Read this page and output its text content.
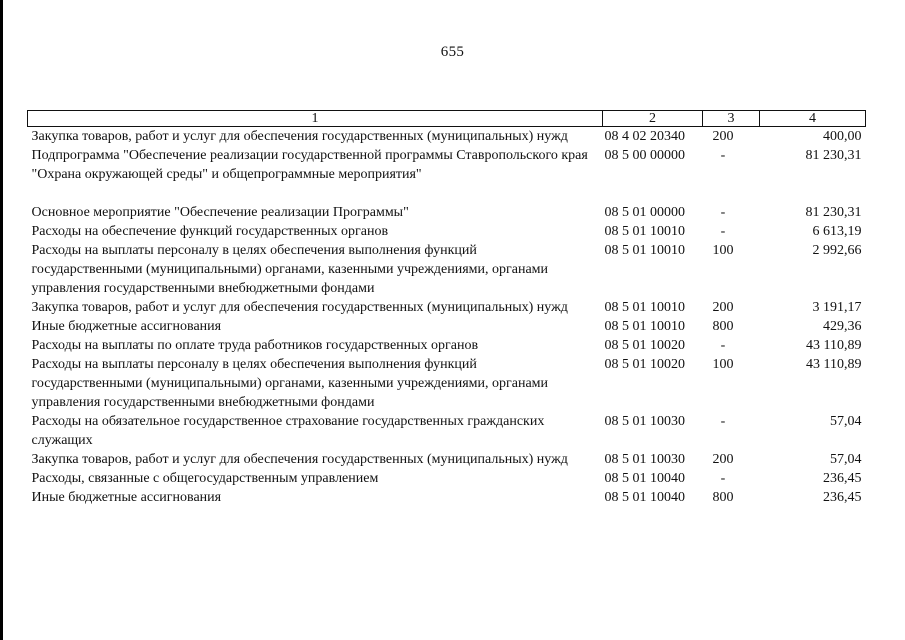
655
1	2	3	4
Закупка товаров, работ и услуг для обеспечения государственных (муниципальных) нужд	08 4 02 20340	200	400,00
Подпрограмма "Обеспечение реализации государственной программы Ставропольского края "Охрана окружающей среды" и общепрограммные мероприятия"	08 5 00 00000	-	81 230,31
Основное мероприятие "Обеспечение реализации Программы"	08 5 01 00000	-	81 230,31
Расходы на обеспечение функций государственных органов	08 5 01 10010	-	6 613,19
Расходы на выплаты персоналу в целях обеспечения выполнения функций государственными (муниципальными) органами, казенными учреждениями, органами управления государственными внебюджетными фондами	08 5 01 10010	100	2 992,66
Закупка товаров, работ и услуг для обеспечения государственных (муниципальных) нужд	08 5 01 10010	200	3 191,17
Иные бюджетные ассигнования	08 5 01 10010	800	429,36
Расходы на выплаты по оплате труда работников государственных органов	08 5 01 10020	-	43 110,89
Расходы на выплаты персоналу в целях обеспечения выполнения функций государственными (муниципальными) органами, казенными учреждениями, органами управления государственными внебюджетными фондами	08 5 01 10020	100	43 110,89
Расходы на обязательное государственное страхование государственных гражданских служащих	08 5 01 10030	-	57,04
Закупка товаров, работ и услуг для обеспечения государственных (муниципальных) нужд	08 5 01 10030	200	57,04
Расходы, связанные с общегосударственным управлением	08 5 01 10040	-	236,45
Иные бюджетные ассигнования	08 5 01 10040	800	236,45
